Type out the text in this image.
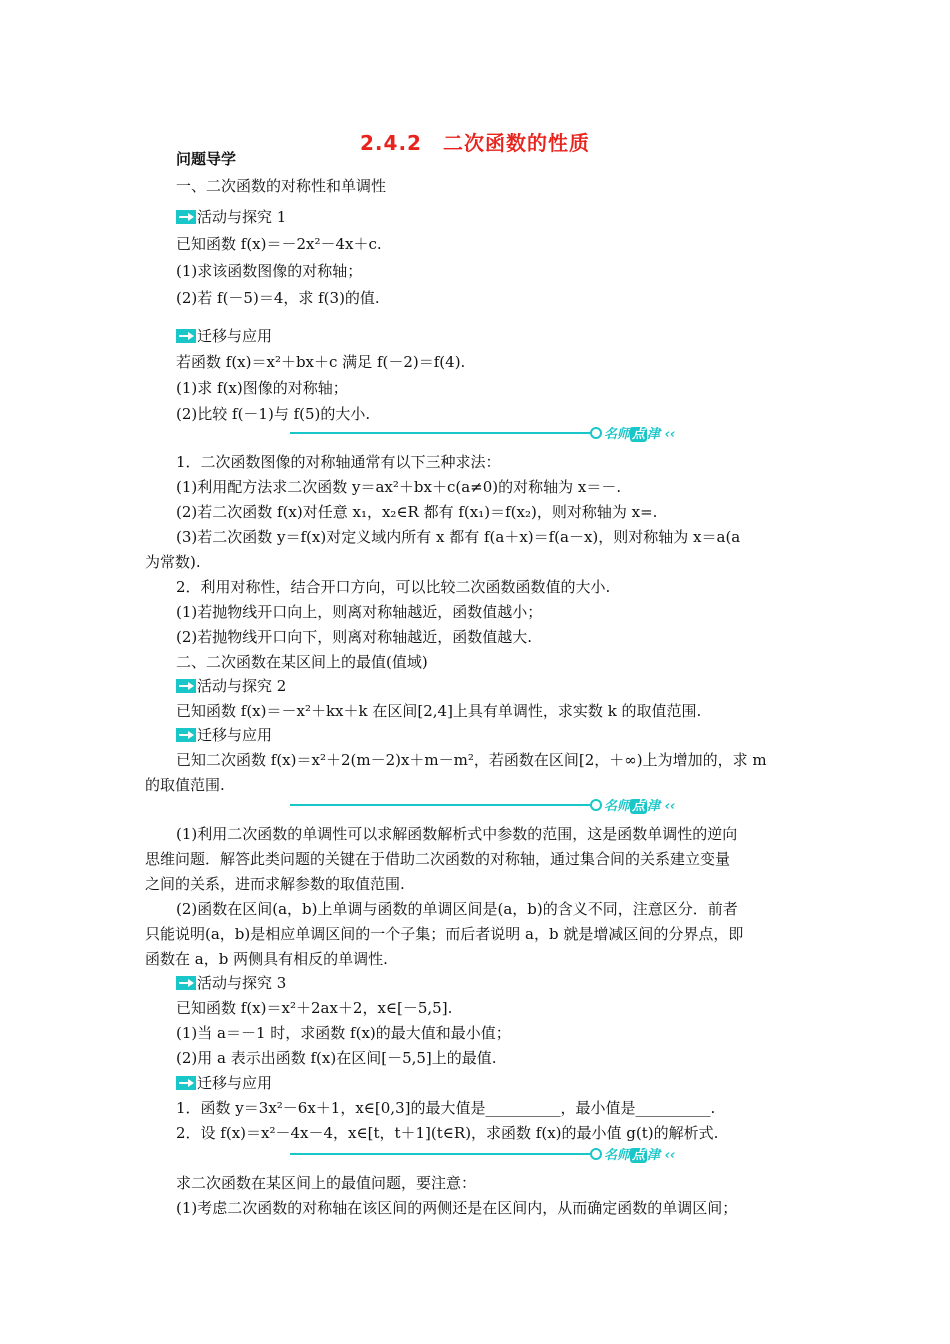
2.4.2　二次函数的性质
问题导学
一、二次函数的对称性和单调性
活动与探究 1
已知函数 f(x)＝－2x²－4x＋c.
(1)求该函数图像的对称轴；
(2)若 f(－5)＝4，求 f(3)的值.
迁移与应用
若函数 f(x)＝x²＋bx＋c 满足 f(－2)＝f(4).
(1)求 f(x)图像的对称轴；
(2)比较 f(－1)与 f(5)的大小.
名师 点 津 ‹‹
1．二次函数图像的对称轴通常有以下三种求法：
(1)利用配方法求二次函数 y＝ax²＋bx＋c(a≠0)的对称轴为 x＝－.
(2)若二次函数 f(x)对任意 x₁，x₂∈R 都有 f(x₁)＝f(x₂)，则对称轴为 x=.
(3)若二次函数 y＝f(x)对定义域内所有 x 都有 f(a＋x)＝f(a－x)，则对称轴为 x＝a(a
为常数).
2．利用对称性，结合开口方向，可以比较二次函数函数值的大小.
(1)若抛物线开口向上，则离对称轴越近，函数值越小；
(2)若抛物线开口向下，则离对称轴越近，函数值越大.
二、二次函数在某区间上的最值(值域)
活动与探究 2
已知函数 f(x)＝－x²＋kx＋k 在区间[2,4]上具有单调性，求实数 k 的取值范围.
迁移与应用
已知二次函数 f(x)＝x²＋2(m－2)x＋m－m²，若函数在区间[2，＋∞)上为增加的，求 m
的取值范围.
名师 点 津 ‹‹
(1)利用二次函数的单调性可以求解函数解析式中参数的范围，这是函数单调性的逆向
思维问题．解答此类问题的关键在于借助二次函数的对称轴，通过集合间的关系建立变量
之间的关系，进而求解参数的取值范围.
(2)函数在区间(a，b)上单调与函数的单调区间是(a，b)的含义不同，注意区分．前者
只能说明(a，b)是相应单调区间的一个子集；而后者说明 a，b 就是增减区间的分界点，即
函数在 a，b 两侧具有相反的单调性.
活动与探究 3
已知函数 f(x)＝x²＋2ax＋2，x∈[－5,5].
(1)当 a＝－1 时，求函数 f(x)的最大值和最小值；
(2)用 a 表示出函数 f(x)在区间[－5,5]上的最值.
迁移与应用
1．函数 y＝3x²－6x＋1，x∈[0,3]的最大值是__________，最小值是__________.
2．设 f(x)＝x²－4x－4，x∈[t，t＋1](t∈R)，求函数 f(x)的最小值 g(t)的解析式.
名师 点 津 ‹‹
求二次函数在某区间上的最值问题，要注意：
(1)考虑二次函数的对称轴在该区间的两侧还是在区间内，从而确定函数的单调区间；
